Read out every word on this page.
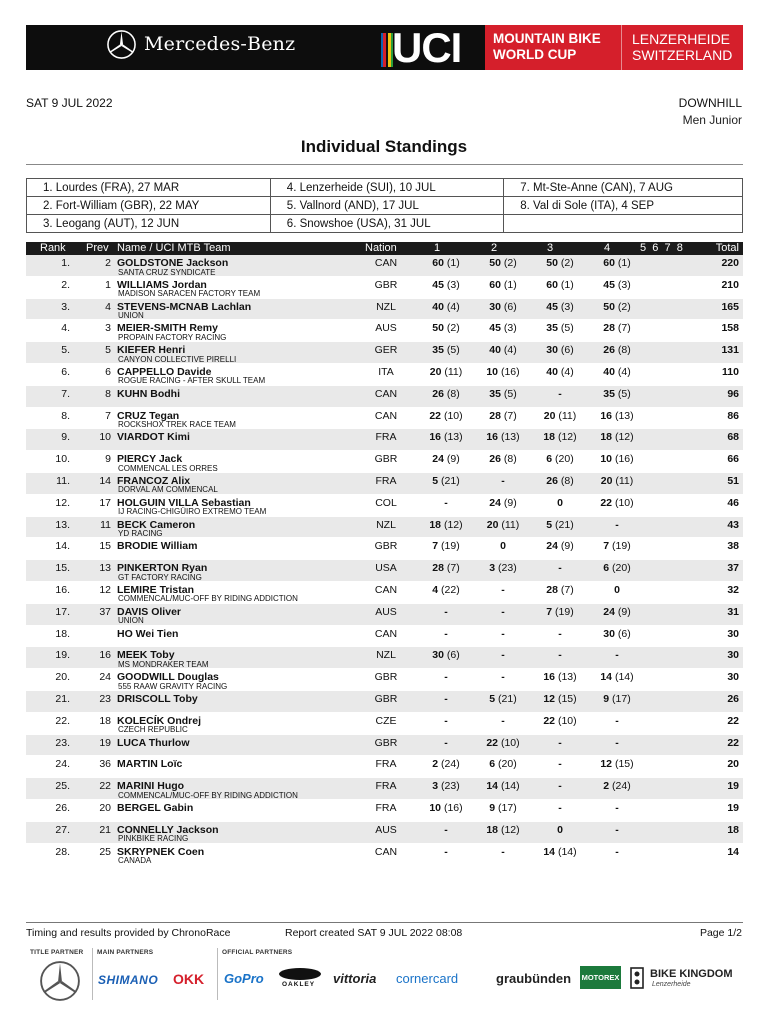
Mercedes-Benz UCI MOUNTAIN BIKE
WORLD CUP
LENZERHEIDE
SWITZERLAND
SAT 9 JUL 2022	DOWNHILL
Men Junior
Individual Standings
1. Lourdes (FRA), 27 MAR	4. Lenzerheide (SUI), 10 JUL	7. Mt-Ste-Anne (CAN), 7 AUG
2. Fort-William (GBR), 22 MAY	5. Vallnord (AND), 17 JUL	8. Val di Sole (ITA), 4 SEP
3. Leogang (AUT), 12 JUN	6. Snowshoe (USA), 31 JUL	
Rank Prev Name / UCI MTB Team	Nation	1	2	3	4	5  6  7  8	Total
1.	2 GOLDSTONE Jackson
SANTA CRUZ SYNDICATE
CAN	60 (1)	50 (2)	50 (2)	60 (1)	220
2.	1 WILLIAMS Jordan
MADISON SARACEN FACTORY TEAM
GBR	45 (3)	60 (1)	60 (1)	45 (3)	210
3.	4 STEVENS-MCNAB Lachlan
UNION
NZL	40 (4)	30 (6)	45 (3)	50 (2)	165
4.	3 MEIER-SMITH Remy
PROPAIN FACTORY RACING
AUS	50 (2)	45 (3)	35 (5)	28 (7)	158
5.	5 KIEFER Henri
CANYON COLLECTIVE PIRELLI
GER	35 (5)	40 (4)	30 (6)	26 (8)	131
6.	6 CAPPELLO Davide
ROGUE RACING - AFTER SKULL TEAM
ITA	20 (11)	10 (16)	40 (4)	40 (4)	110
7.	8 KUHN Bodhi	CAN	26 (8)	35 (5)	-	35 (5)	96
8.	7 CRUZ Tegan
ROCKSHOX TREK RACE TEAM
CAN	22 (10)	28 (7)	20 (11)	16 (13)	86
9.	10 VIARDOT Kimi	FRA	16 (13)	16 (13)	18 (12)	18 (12)	68
10.	9 PIERCY Jack
COMMENCAL LES ORRES
GBR	24 (9)	26 (8)	6 (20)	10 (16)	66
11.	14 FRANCOZ Alix
DORVAL AM COMMENCAL
FRA	5 (21)	-	26 (8)	20 (11)	51
12.	17 HOLGUIN VILLA Sebastian
IJ RACING-CHIGÜIRO EXTREMO TEAM
COL	-	24 (9)	0	22 (10)	46
13.	11 BECK Cameron
YD RACING
NZL	18 (12)	20 (11)	5 (21)	-	43
14.	15 BRODIE William	GBR	7 (19)	0	24 (9)	7 (19)	38
15.	13 PINKERTON Ryan
GT FACTORY RACING
USA	28 (7)	3 (23)	-	6 (20)	37
16.	12 LEMIRE Tristan
COMMENCAL/MUC-OFF BY RIDING ADDICTION
CAN	4 (22)	-	28 (7)	0	32
17.	37 DAVIS Oliver
UNION
AUS	-	-	7 (19)	24 (9)	31
18.	HO Wei Tien	CAN	-	-	-	30 (6)	30
19.	16 MEEK Toby
MS MONDRAKER TEAM
NZL	30 (6)	-	-	-	30
20.	24 GOODWILL Douglas
555 RAAW GRAVITY RACING
GBR	-	-	16 (13)	14 (14)	30
21.	23 DRISCOLL Toby	GBR	-	5 (21)	12 (15)	9 (17)	26
22.	18 KOLECÍK Ondrej
CZECH REPUBLIC
CZE	-	-	22 (10)	-	22
23.	19 LUCA Thurlow	GBR	-	22 (10)	-	-	22
24.	36 MARTIN Loïc	FRA	2 (24)	6 (20)	-	12 (15)	20
25.	22 MARINI Hugo
COMMENCAL/MUC-OFF BY RIDING ADDICTION
FRA	3 (23)	14 (14)	-	2 (24)	19
26.	20 BERGEL Gabin	FRA	10 (16)	9 (17)	-	-	19
27.	21 CONNELLY Jackson
PINKBIKE RACING
AUS	-	18 (12)	0	-	18
28.	25 SKRYPNEK Coen
CANADA
CAN	-	-	14 (14)	-	14
Timing and results provided by ChronoRace	Report created SAT 9 JUL 2022 08:08	Page 1/2
TITLE PARTNER MAIN PARTNERS	OFFICIAL PARTNERS
SHIMANO ОKK GoPro	OAKLEY vittoria cornercard	graubünden MOTOREX	BIKE KINGDOM
Lenzerheide
